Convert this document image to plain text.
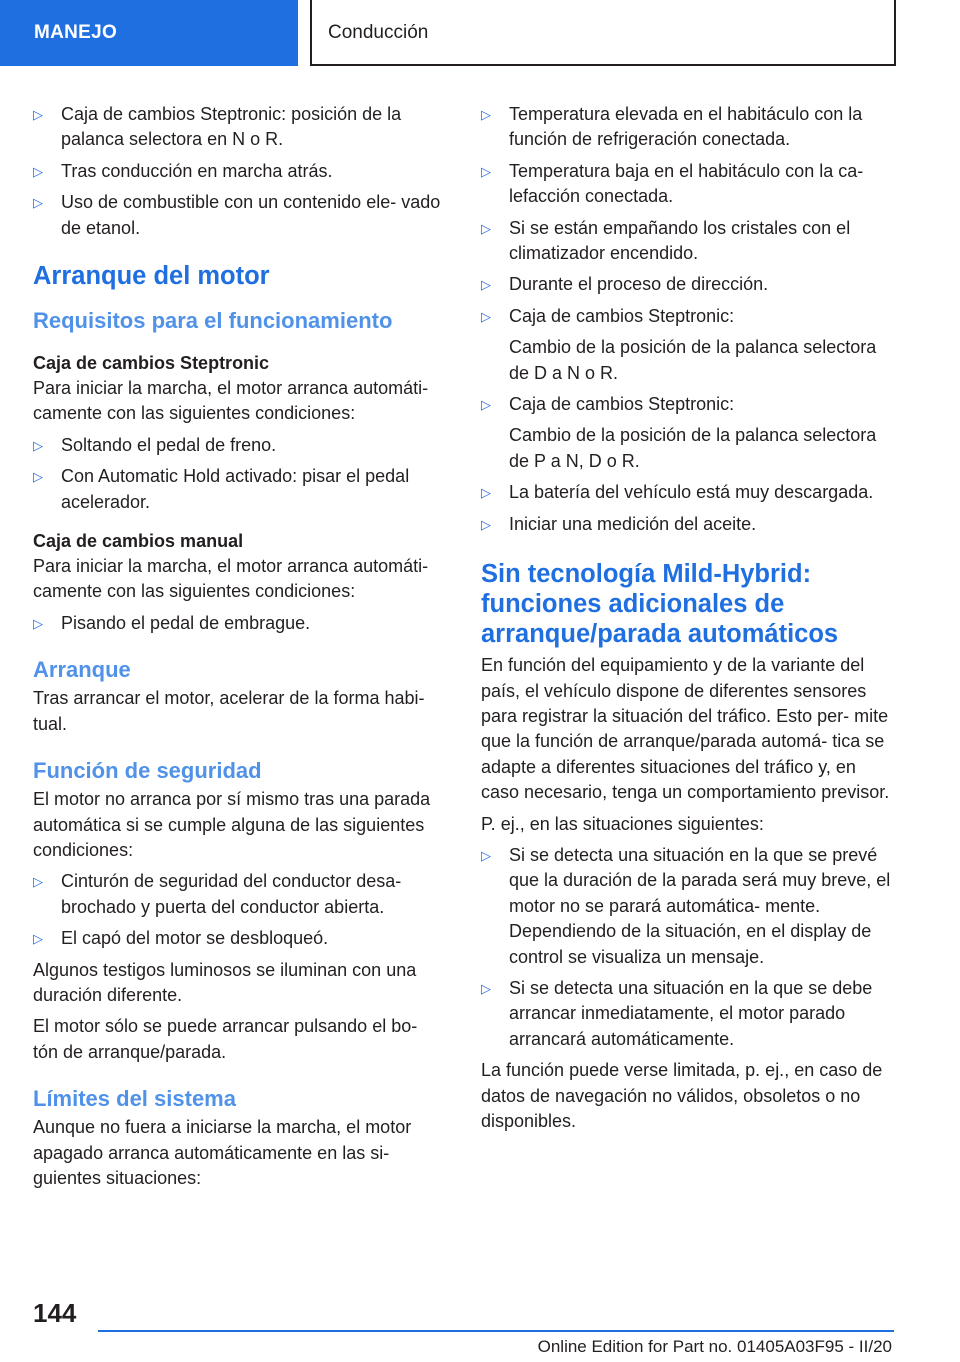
MANEJO	Conducción
▷ Caja de cambios Steptronic: posición de la palanca selectora en N o R.
▷ Tras conducción en marcha atrás.
▷ Uso de combustible con un contenido ele- vado de etanol.
Arranque del motor
Requisitos para el funcionamiento
Caja de cambios Steptronic

Para iniciar la marcha, el motor arranca automáti- camente con las siguientes condiciones:

▷ Soltando el pedal de freno.
▷ Con Automatic Hold activado: pisar el pedal acelerador.
Caja de cambios manual

Para iniciar la marcha, el motor arranca automáti- camente con las siguientes condiciones:

▷ Pisando el pedal de embrague.
Arranque

Tras arrancar el motor, acelerar de la forma habi- tual.

Función de seguridad

El motor no arranca por sí mismo tras una parada automática si se cumple alguna de las siguientes condiciones:

▷ Cinturón de seguridad del conductor desa- brochado y puerta del conductor abierta.
▷ El capó del motor se desbloqueó.

Algunos testigos luminosos se iluminan con una duración diferente.

El motor sólo se puede arrancar pulsando el bo- tón de arranque/parada.

Límites del sistema

Aunque no fuera a iniciarse la marcha, el motor apagado arranca automáticamente en las si- guientes situaciones:

▷ Temperatura elevada en el habitáculo con la función de refrigeración conectada.
▷ Temperatura baja en el habitáculo con la ca- lefacción conectada.
▷ Si se están empañando los cristales con el climatizador encendido.
▷ Durante el proceso de dirección.
▷ Caja de cambios Steptronic:
Cambio de la posición de la palanca selectora de D a N o R.
▷ Caja de cambios Steptronic:
Cambio de la posición de la palanca selectora de P a N, D o R.
▷ La batería del vehículo está muy descargada.
▷ Iniciar una medición del aceite.
Sin tecnología Mild-Hybrid: funciones adicionales de arranque/parada automáticos

En función del equipamiento y de la variante del país, el vehículo dispone de diferentes sensores para registrar la situación del tráfico. Esto per- mite que la función de arranque/parada automá- tica se adapte a diferentes situaciones del tráfico y, en caso necesario, tenga un comportamiento previsor.

P. ej., en las situaciones siguientes:

▷ Si se detecta una situación en la que se prevé que la duración de la parada será muy breve, el motor no se parará automática- mente. Dependiendo de la situación, en el display de control se visualiza un mensaje.
▷ Si se detecta una situación en la que se debe arrancar inmediatamente, el motor parado arrancará automáticamente.

La función puede verse limitada, p. ej., en caso de datos de navegación no válidos, obsoletos o no disponibles.

144
Online Edition for Part no. 01405A03F95 - II/20
